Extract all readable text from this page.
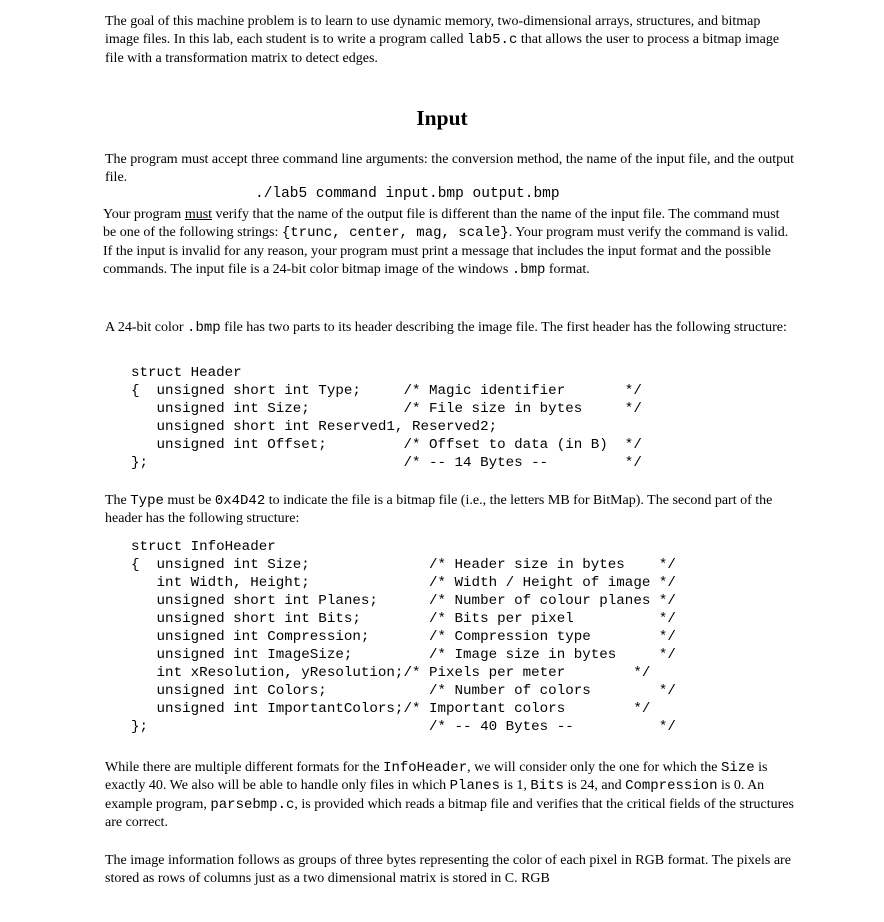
The goal of this machine problem is to learn to use dynamic memory, two-dimensional arrays, structures, and bitmap image files. In this lab, each student is to write a program called lab5.c that allows the user to process a bitmap image file with a transformation matrix to detect edges.
Input
The program must accept three command line arguments: the conversion method, the name of the input file, and the output file.
./lab5 command input.bmp output.bmp
Your program must verify that the name of the output file is different than the name of the input file. The command must be one of the following strings: {trunc, center, mag, scale}. Your program must verify the command is valid. If the input is invalid for any reason, your program must print a message that includes the input format and the possible commands. The input file is a 24-bit color bitmap image of the windows .bmp format.
A 24-bit color .bmp file has two parts to its header describing the image file. The first header has the following structure:
struct Header
{  unsigned short int Type;     /* Magic identifier       */
unsigned int Size;           /* File size in bytes     */
unsigned short int Reserved1, Reserved2;
unsigned int Offset;         /* Offset to data (in B)  */
};                              /* -- 14 Bytes --         */
The Type must be 0x4D42 to indicate the file is a bitmap file (i.e., the letters MB for BitMap). The second part of the header has the following structure:
struct InfoHeader
{  unsigned int Size;              /* Header size in bytes    */
int Width, Height;              /* Width / Height of image */
unsigned short int Planes;      /* Number of colour planes */
unsigned short int Bits;        /* Bits per pixel          */
unsigned int Compression;       /* Compression type        */
unsigned int ImageSize;         /* Image size in bytes     */
int xResolution, yResolution;/* Pixels per meter        */
unsigned int Colors;            /* Number of colors        */
unsigned int ImportantColors;/* Important colors        */
};                                 /* -- 40 Bytes --          */
While there are multiple different formats for the InfoHeader, we will consider only the one for which the Size is exactly 40. We also will be able to handle only files in which Planes is 1, Bits is 24, and Compression is 0. An example program, parsebmp.c, is provided which reads a bitmap file and verifies that the critical fields of the structures are correct.
The image information follows as groups of three bytes representing the color of each pixel in RGB format. The pixels are stored as rows of columns just as a two dimensional matrix is stored in C. RGB
